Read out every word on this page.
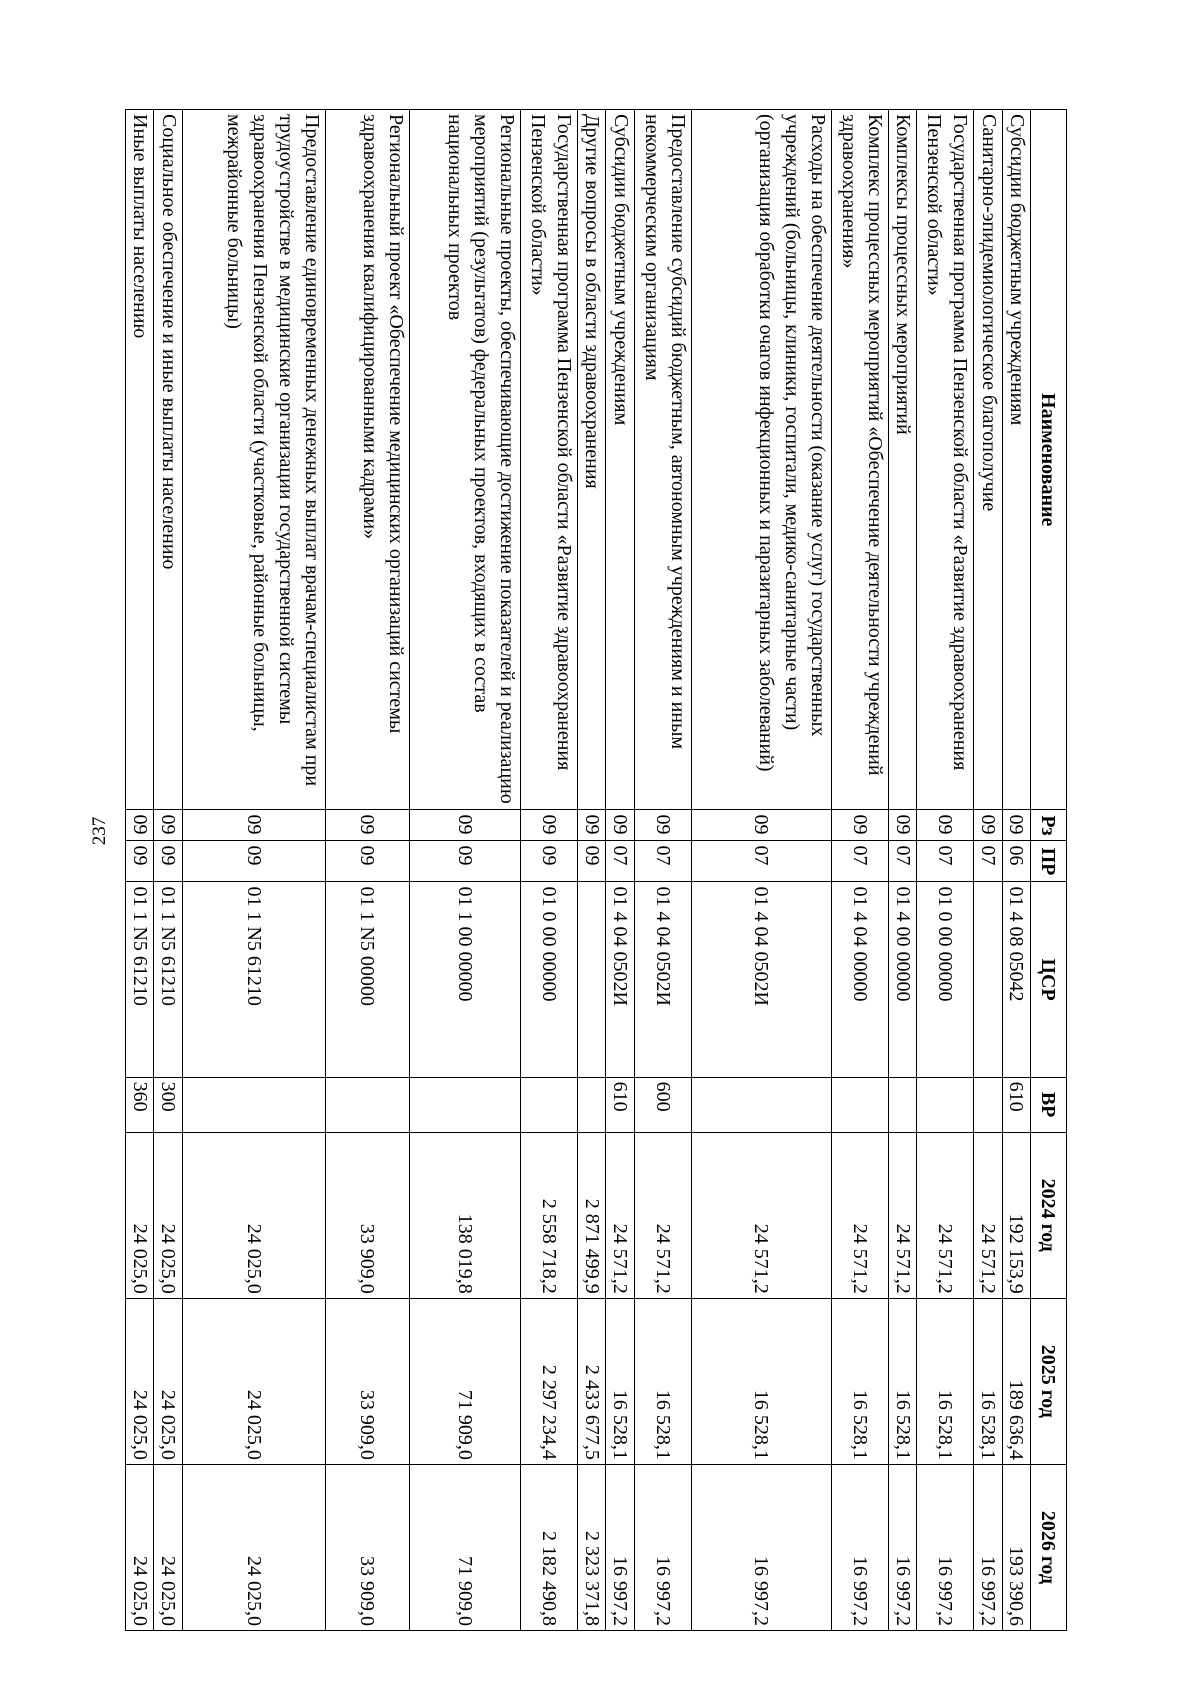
237
Наименование	Рз	ПР	ЦСР	ВР	2024 год	2025 год	2026 год
Субсидии бюджетным учреждениям	09	06	01 4 08 05042	610	192 153,9	189 636,4	193 390,6
Санитарно-эпидемиологическое благополучие	09	07			24 571,2	16 528,1	16 997,2
Государственная программа Пензенской области «Развитие здравоохранения Пензенской области»	09	07	01 0 00 00000		24 571,2	16 528,1	16 997,2
Комплексы процессных мероприятий	09	07	01 4 00 00000		24 571,2	16 528,1	16 997,2
Комплекс процессных мероприятий «Обеспечение деятельности учреждений здравоохранения»	09	07	01 4 04 00000		24 571,2	16 528,1	16 997,2
Расходы на обеспечение деятельности (оказание услуг) государственных учреждений (больницы, клиники, госпитали, медико-санитарные части) (организация обработки очагов инфекционных и паразитарных заболеваний)	09	07	01 4 04 0502И		24 571,2	16 528,1	16 997,2
Предоставление субсидий бюджетным, автономным учреждениям и иным некоммерческим организациям	09	07	01 4 04 0502И	600	24 571,2	16 528,1	16 997,2
Субсидии бюджетным учреждениям	09	07	01 4 04 0502И	610	24 571,2	16 528,1	16 997,2
Другие вопросы в области здравоохранения	09	09			2 871 499,9	2 433 677,5	2 323 371,8
Государственная программа Пензенской области «Развитие здравоохранения Пензенской области»	09	09	01 0 00 00000		2 558 718,2	2 297 234,4	2 182 490,8
Региональные проекты, обеспечивающие достижение показателей и реализацию мероприятий (результатов) федеральных проектов, входящих в состав национальных проектов	09	09	01 1 00 00000		138 019,8	71 909,0	71 909,0
Региональный проект «Обеспечение медицинских организаций системы здравоохранения квалифицированными кадрами»	09	09	01 1 N5 00000		33 909,0	33 909,0	33 909,0
Предоставление единовременных денежных выплат врачам-специалистам при трудоустройстве в медицинские организации государственной системы здравоохранения Пензенской области (участковые, районные больницы, межрайонные больницы)	09	09	01 1 N5 61210		24 025,0	24 025,0	24 025,0
Социальное обеспечение и иные выплаты населению	09	09	01 1 N5 61210	300	24 025,0	24 025,0	24 025,0
Иные выплаты населению	09	09	01 1 N5 61210	360	24 025,0	24 025,0	24 025,0
